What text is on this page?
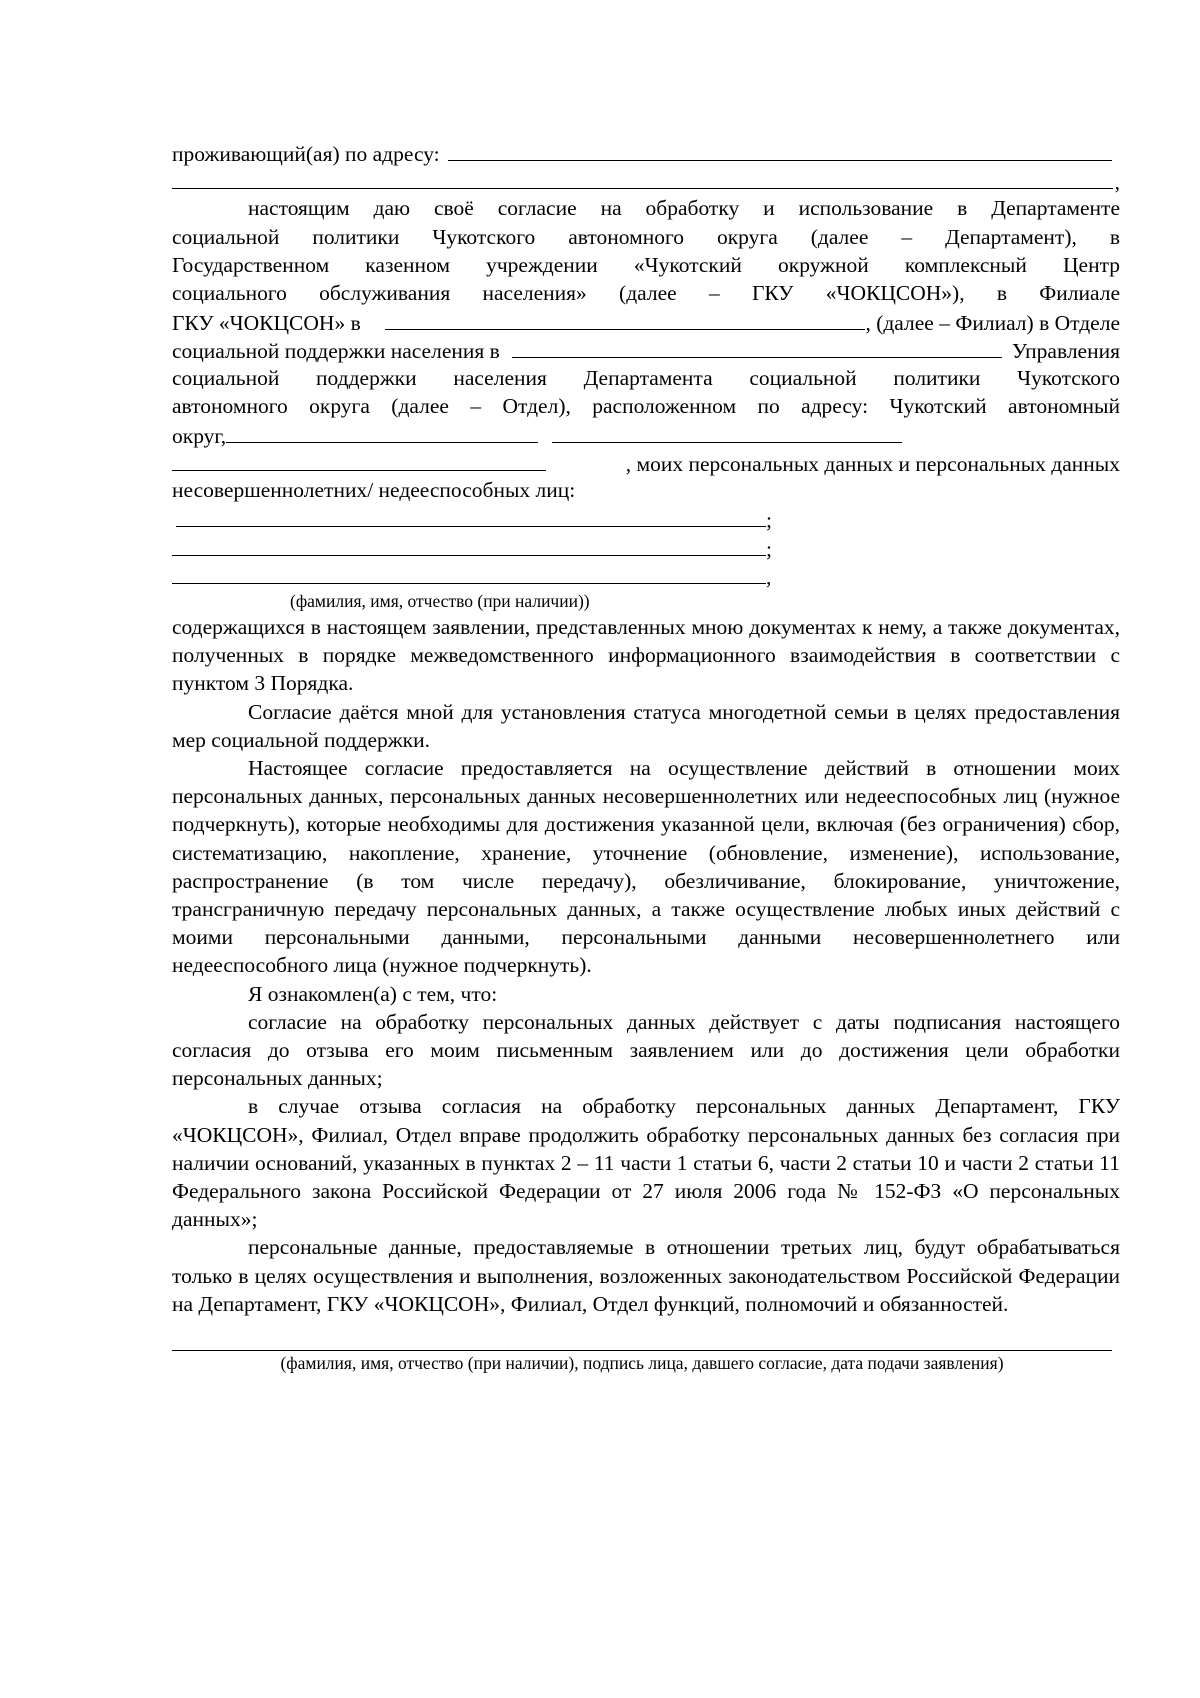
проживающий(ая) по адресу:
,
настоящим даю своё согласие на обработку и использование в Департаменте
социальной политики Чукотского автономного округа (далее – Департамент), в
Государственном казенном учреждении «Чукотский окружной комплексный Центр
социального обслуживания населения» (далее – ГКУ «ЧОКЦСОН»), в Филиале
ГКУ «ЧОКЦСОН» в	, (далее – Филиал) в Отделе
социальной поддержки населения в	Управления
социальной поддержки населения Департамента социальной политики Чукотского
автономного округа (далее – Отдел), расположенном по адресу: Чукотский автономный
округ,
, моих персональных данных и персональных данных
несовершеннолетних/ недееспособных лиц:
;
;
,
(фамилия, имя, отчество (при наличии))
содержащихся в настоящем заявлении, представленных мною документах к нему, а также документах, полученных в порядке межведомственного информационного взаимодействия в соответствии с пунктом 3 Порядка.
Согласие даётся мной для установления статуса многодетной семьи в целях предоставления мер социальной поддержки.
Настоящее согласие предоставляется на осуществление действий в отношении моих персональных данных, персональных данных несовершеннолетних или недееспособных лиц (нужное подчеркнуть), которые необходимы для достижения указанной цели, включая (без ограничения) сбор, систематизацию, накопление, хранение, уточнение (обновление, изменение), использование, распространение (в том числе передачу), обезличивание, блокирование, уничтожение, трансграничную передачу персональных данных, а также осуществление любых иных действий с моими персональными данными, персональными данными несовершеннолетнего или недееспособного лица (нужное подчеркнуть).
Я ознакомлен(а) с тем, что:
согласие на обработку персональных данных действует с даты подписания настоящего согласия до отзыва его моим письменным заявлением или до достижения цели обработки персональных данных;
в случае отзыва согласия на обработку персональных данных Департамент, ГКУ «ЧОКЦСОН», Филиал, Отдел вправе продолжить обработку персональных данных без согласия при наличии оснований, указанных в пунктах 2 – 11 части 1 статьи 6, части 2 статьи 10 и части 2 статьи 11 Федерального закона Российской Федерации от 27 июля 2006 года № 152-ФЗ «О персональных данных»;
персональные данные, предоставляемые в отношении третьих лиц, будут обрабатываться только в целях осуществления и выполнения, возложенных законодательством Российской Федерации на Департамент, ГКУ «ЧОКЦСОН», Филиал, Отдел функций, полномочий и обязанностей.
(фамилия, имя, отчество (при наличии), подпись лица, давшего согласие, дата подачи заявления)
